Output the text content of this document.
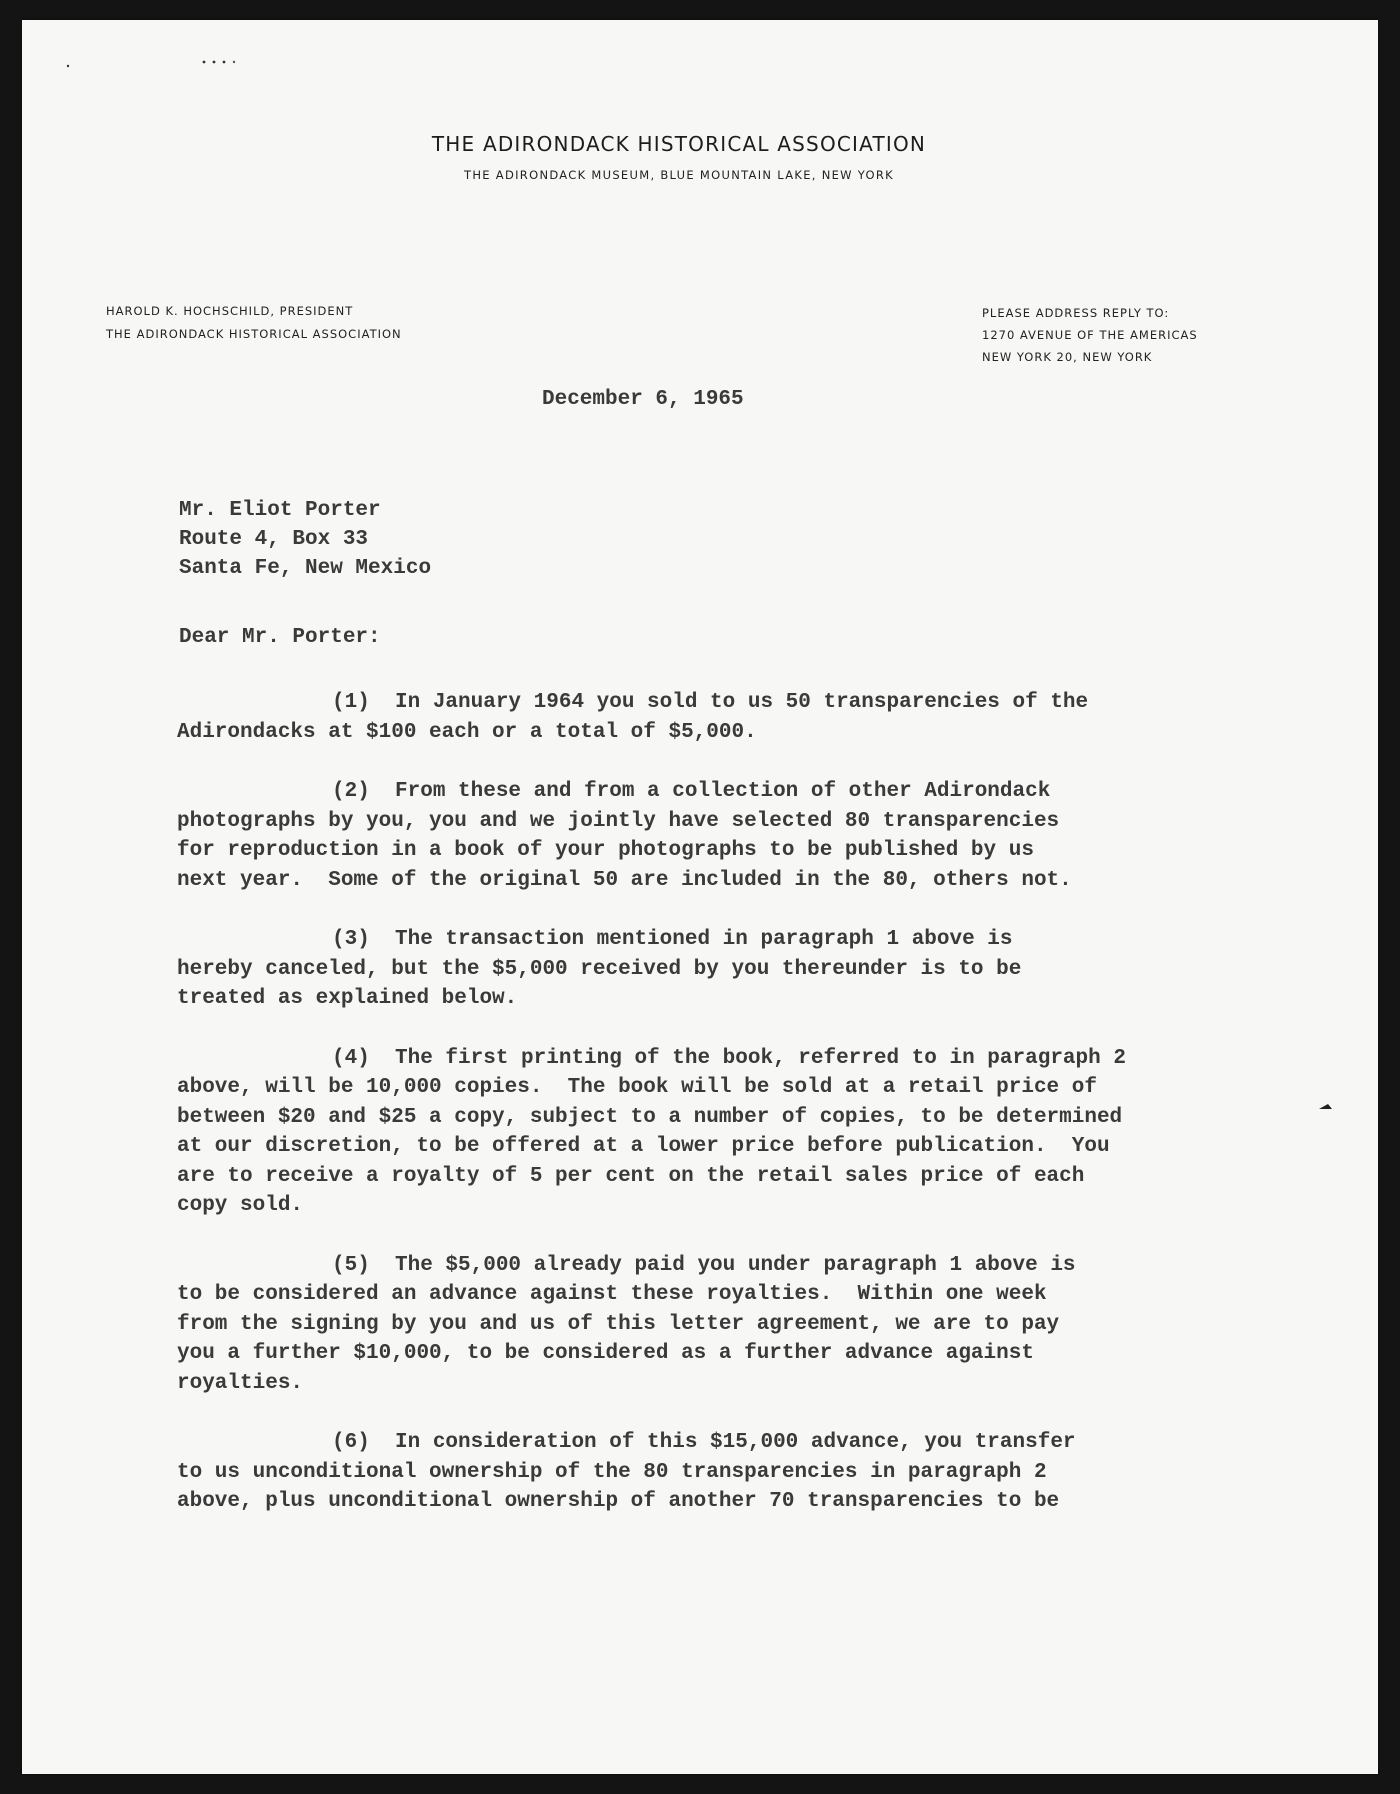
THE ADIRONDACK HISTORICAL ASSOCIATION
THE ADIRONDACK MUSEUM, BLUE MOUNTAIN LAKE, NEW YORK
HAROLD K. HOCHSCHILD, PRESIDENT
THE ADIRONDACK HISTORICAL ASSOCIATION
PLEASE ADDRESS REPLY TO:
1270 AVENUE OF THE AMERICAS
NEW YORK 20, NEW YORK
December 6, 1965
Mr. Eliot Porter
Route 4, Box 33
Santa Fe, New Mexico
Dear Mr. Porter:
(1)  In January 1964 you sold to us 50 transparencies of the
Adirondacks at $100 each or a total of $5,000.
(2)  From these and from a collection of other Adirondack
photographs by you, you and we jointly have selected 80 transparencies
for reproduction in a book of your photographs to be published by us
next year.  Some of the original 50 are included in the 80, others not.
(3)  The transaction mentioned in paragraph 1 above is
hereby canceled, but the $5,000 received by you thereunder is to be
treated as explained below.
(4)  The first printing of the book, referred to in paragraph 2
above, will be 10,000 copies.  The book will be sold at a retail price of
between $20 and $25 a copy, subject to a number of copies, to be determined
at our discretion, to be offered at a lower price before publication.  You
are to receive a royalty of 5 per cent on the retail sales price of each
copy sold.
(5)  The $5,000 already paid you under paragraph 1 above is
to be considered an advance against these royalties.  Within one week
from the signing by you and us of this letter agreement, we are to pay
you a further $10,000, to be considered as a further advance against
royalties.
(6)  In consideration of this $15,000 advance, you transfer
to us unconditional ownership of the 80 transparencies in paragraph 2
above, plus unconditional ownership of another 70 transparencies to be
